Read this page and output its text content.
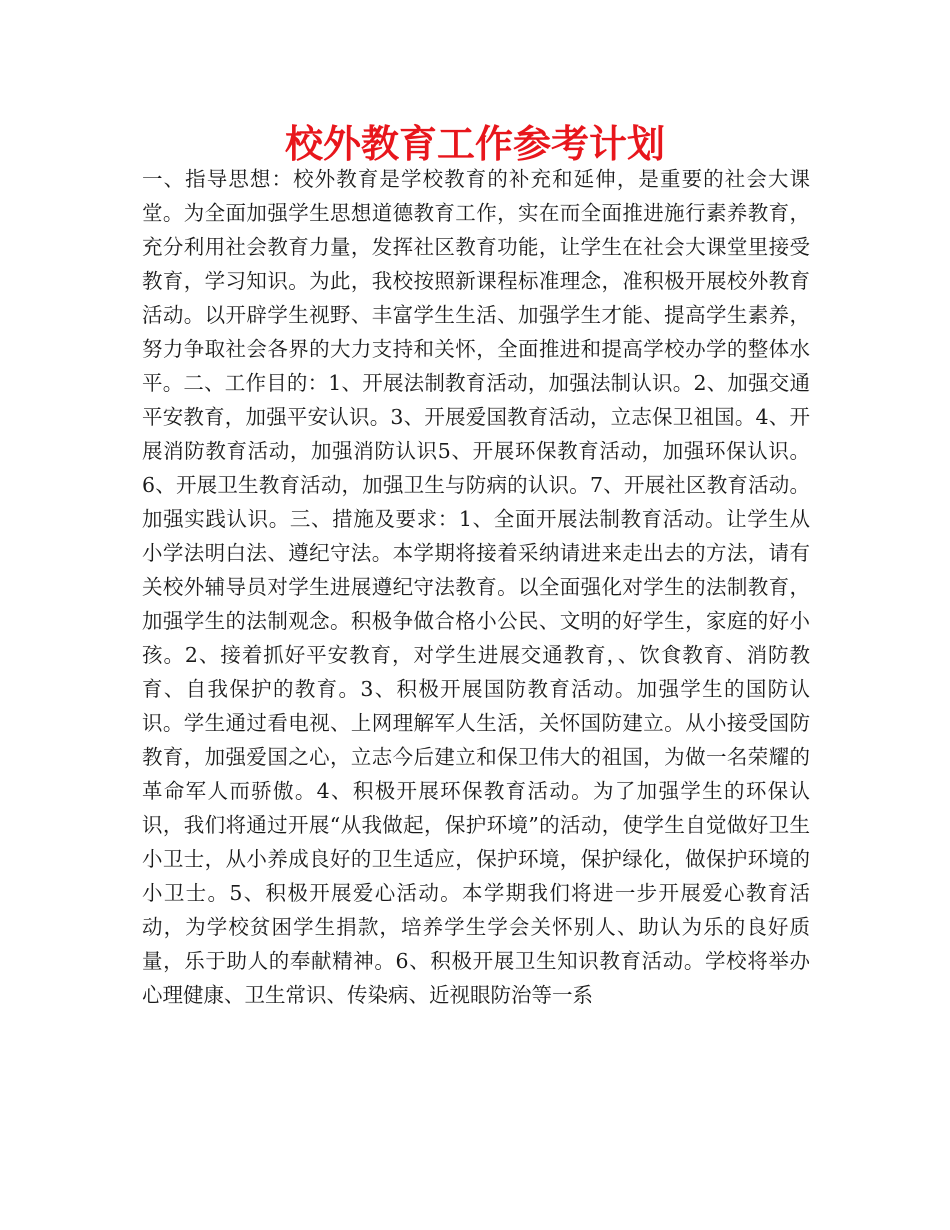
校外教育工作参考计划
一、指导思想：校外教育是学校教育的补充和延伸，是重要的社会大课堂。为全面加强学生思想道德教育工作，实在而全面推进施行素养教育，充分利用社会教育力量，发挥社区教育功能，让学生在社会大课堂里接受教育，学习知识。为此，我校按照新课程标准理念，准积极开展校外教育活动。以开辟学生视野、丰富学生生活、加强学生才能、提高学生素养，努力争取社会各界的大力支持和关怀，全面推进和提高学校办学的整体水平。二、工作目的：1、开展法制教育活动，加强法制认识。2、加强交通平安教育，加强平安认识。3、开展爱国教育活动，立志保卫祖国。4、开展消防教育活动，加强消防认识5、开展环保教育活动，加强环保认识。6、开展卫生教育活动，加强卫生与防病的认识。7、开展社区教育活动。加强实践认识。三、措施及要求：1、全面开展法制教育活动。让学生从小学法明白法、遵纪守法。本学期将接着采纳请进来走出去的方法，请有关校外辅导员对学生进展遵纪守法教育。以全面强化对学生的法制教育，加强学生的法制观念。积极争做合格小公民、文明的好学生，家庭的好小孩。2、接着抓好平安教育，对学生进展交通教育，、饮食教育、消防教育、自我保护的教育。3、积极开展国防教育活动。加强学生的国防认识。学生通过看电视、上网理解军人生活，关怀国防建立。从小接受国防教育，加强爱国之心，立志今后建立和保卫伟大的祖国，为做一名荣耀的革命军人而骄傲。4、积极开展环保教育活动。为了加强学生的环保认识，我们将通过开展“从我做起，保护环境”的活动，使学生自觉做好卫生小卫士，从小养成良好的卫生适应，保护环境，保护绿化，做保护环境的小卫士。5、积极开展爱心活动。本学期我们将进一步开展爱心教育活动，为学校贫困学生捐款，培养学生学会关怀别人、助认为乐的良好质量，乐于助人的奉献精神。6、积极开展卫生知识教育活动。学校将举办心理健康、卫生常识、传染病、近视眼防治等一系
